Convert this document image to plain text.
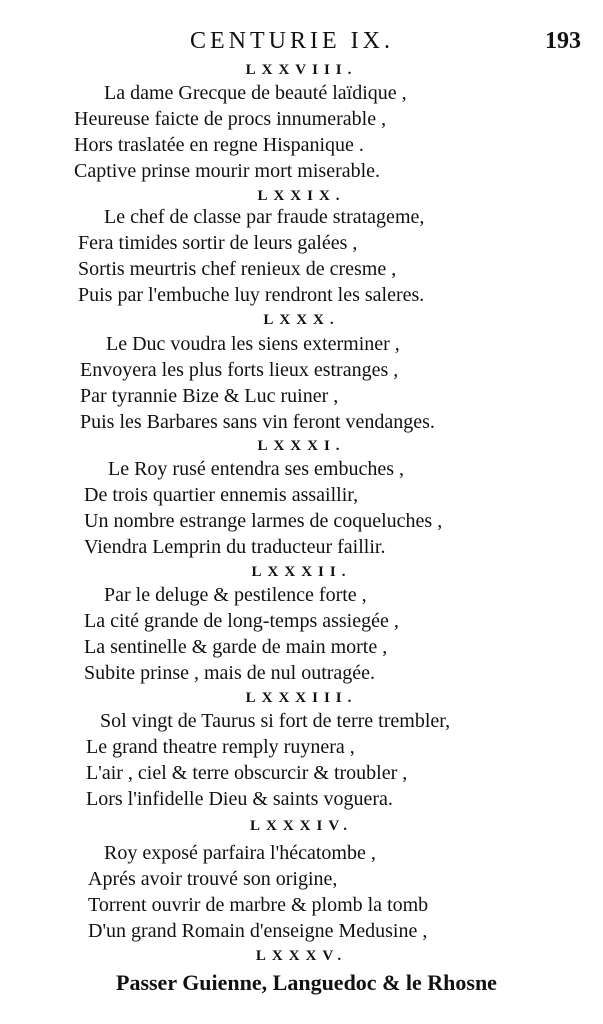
CENTURIE IX.	193
LXXVIII.
La dame Grecque de beauté laïdique ,
Heureuse faicte de procs innumerable ,
Hors traslatée en regne Hispanique .
Captive prinse mourir mort miserable.
LXXIX.
Le chef de classe par fraude stratageme,
Fera timides sortir de leurs galées ,
Sortis meurtris chef renieux de cresme ,
Puis par l'embuche luy rendront les saleres.
LXXX.
Le Duc voudra les siens exterminer ,
Envoyera les plus forts lieux estranges ,
Par tyrannie Bize & Luc ruiner ,
Puis les Barbares sans vin feront vendanges.
LXXXI.
Le Roy rusé entendra ses embuches ,
De trois quartier ennemis assaillir,
Un nombre estrange larmes de coqueluches ,
Viendra Lemprin du traducteur faillir.
LXXXII.
Par le deluge & pestilence forte ,
La cité grande de long-temps assiegée ,
La sentinelle & garde de main morte ,
Subite prinse , mais de nul outragée.
LXXXIII.
Sol vingt de Taurus si fort de terre trembler,
Le grand theatre remply ruynera ,
L'air , ciel & terre obscurcir & troubler ,
Lors l'infidelle Dieu & saints voguera.
LXXXIV.
Roy exposé parfaira l'hécatombe ,
Aprés avoir trouvé son origine,
Torrent ouvrir de marbre & plomb la tomb
D'un grand Romain d'enseigne Medusine ,
LXXXV.
Passer Guienne, Languedoc & le Rhosne
